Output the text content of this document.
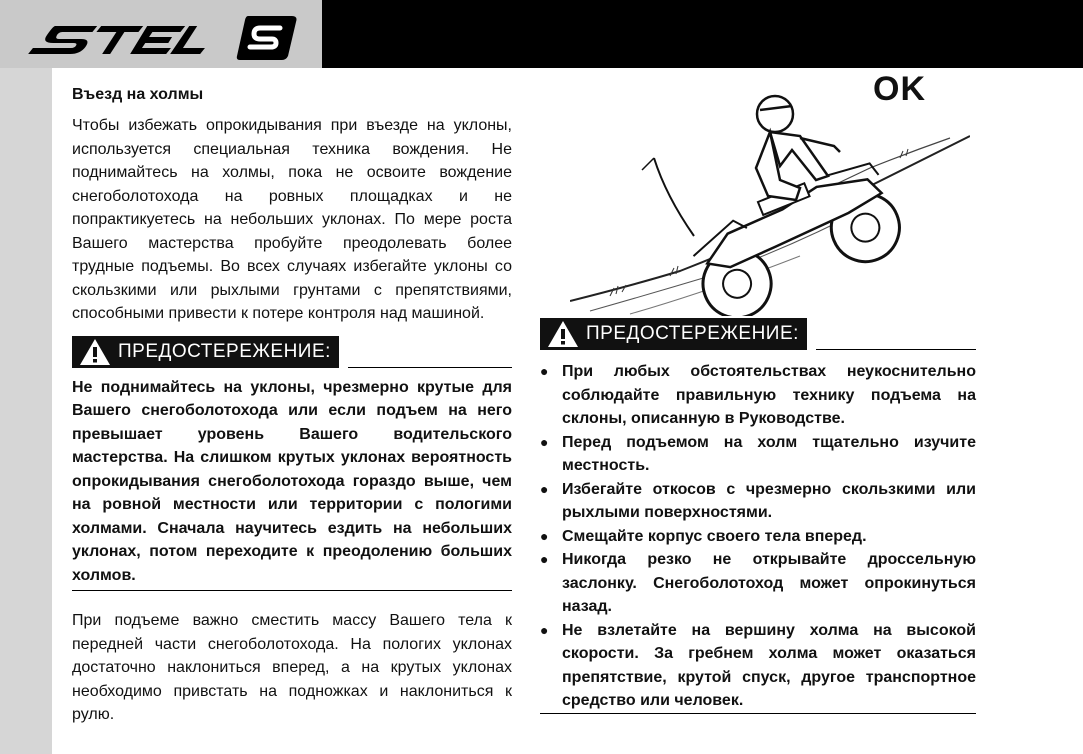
Въезд на холмы

Чтобы избежать опрокидывания при въезде на уклоны, используется специальная техника вождения. Не поднимайтесь на холмы, пока не освоите вождение снегоболотохода на ровных площадках и не попрактикуетесь на небольших уклонах. По мере роста Вашего мастерства пробуйте преодолевать более трудные подъемы. Во всех случаях избегайте уклоны со скользкими или рыхлыми грунтами с препятствиями, способными привести к потере контроля над машиной.

ПРЕДОСТЕРЕЖЕНИЕ:

Не поднимайтесь на уклоны, чрезмерно крутые для Вашего снегоболотохода или если подъем на него превышает уровень Вашего водительского мастерства. На слишком крутых уклонах вероятность опрокидывания снегоболотохода гораздо выше, чем на ровной местности или территории с пологими холмами. Сначала научитесь ездить на небольших уклонах, потом переходите к преодолению больших холмов.

При подъеме важно сместить массу Вашего тела к передней части снегоболотохода. На пологих уклонах достаточно наклониться вперед, а на крутых уклонах необходимо привстать на подножках и наклониться к рулю.

OK
ПРЕДОСТЕРЕЖЕНИЕ:
● При любых обстоятельствах неукоснительно соблюдайте правильную технику подъема на склоны, описанную в Руководстве.
● Перед подъемом на холм тщательно изучите местность.
● Избегайте откосов с чрезмерно скользкими или рыхлыми поверхностями.
● Смещайте корпус своего тела вперед.
● Никогда резко не открывайте дроссельную заслонку. Снегоболотоход может опрокинуться назад.
● Не взлетайте на вершину холма на высокой скорости. За гребнем холма может оказаться препятствие, крутой спуск, другое транспортное средство или человек.
